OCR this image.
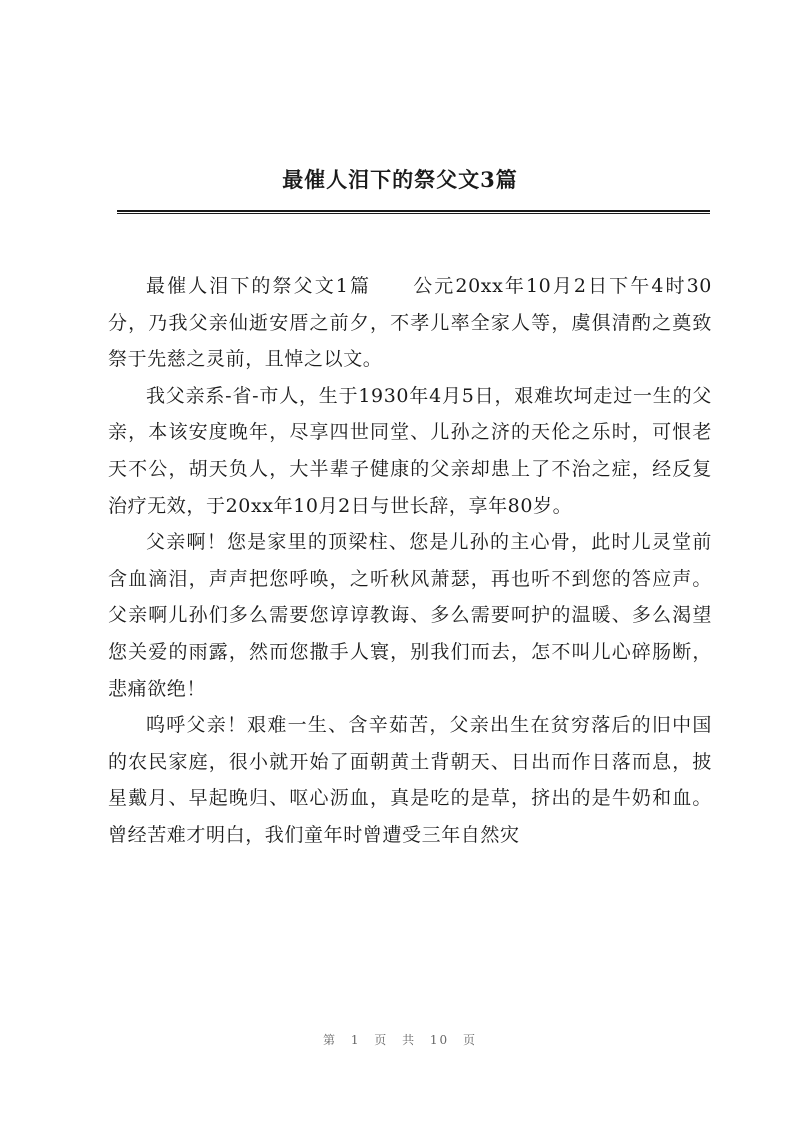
最催人泪下的祭父文3篇

最催人泪下的祭父文1篇　　公元20xx年10月2日下午4时30分，乃我父亲仙逝安厝之前夕，不孝儿率全家人等，虞俱清酌之奠致祭于先慈之灵前，且悼之以文。

我父亲系-省-市人，生于1930年4月5日，艰难坎坷走过一生的父亲，本该安度晚年，尽享四世同堂、儿孙之济的天伦之乐时，可恨老天不公，胡天负人，大半辈子健康的父亲却患上了不治之症，经反复治疗无效，于20xx年10月2日与世长辞，享年80岁。

父亲啊！您是家里的顶梁柱、您是儿孙的主心骨，此时儿灵堂前含血滴泪，声声把您呼唤，之听秋风萧瑟，再也听不到您的答应声。父亲啊儿孙们多么需要您谆谆教诲、多么需要呵护的温暖、多么渴望您关爱的雨露，然而您撒手人寰，别我们而去，怎不叫儿心碎肠断，悲痛欲绝！

呜呼父亲！艰难一生、含辛茹苦，父亲出生在贫穷落后的旧中国的农民家庭，很小就开始了面朝黄土背朝天、日出而作日落而息，披星戴月、早起晚归、呕心沥血，真是吃的是草，挤出的是牛奶和血。曾经苦难才明白，我们童年时曾遭受三年自然灾

第 1 页 共 10 页
